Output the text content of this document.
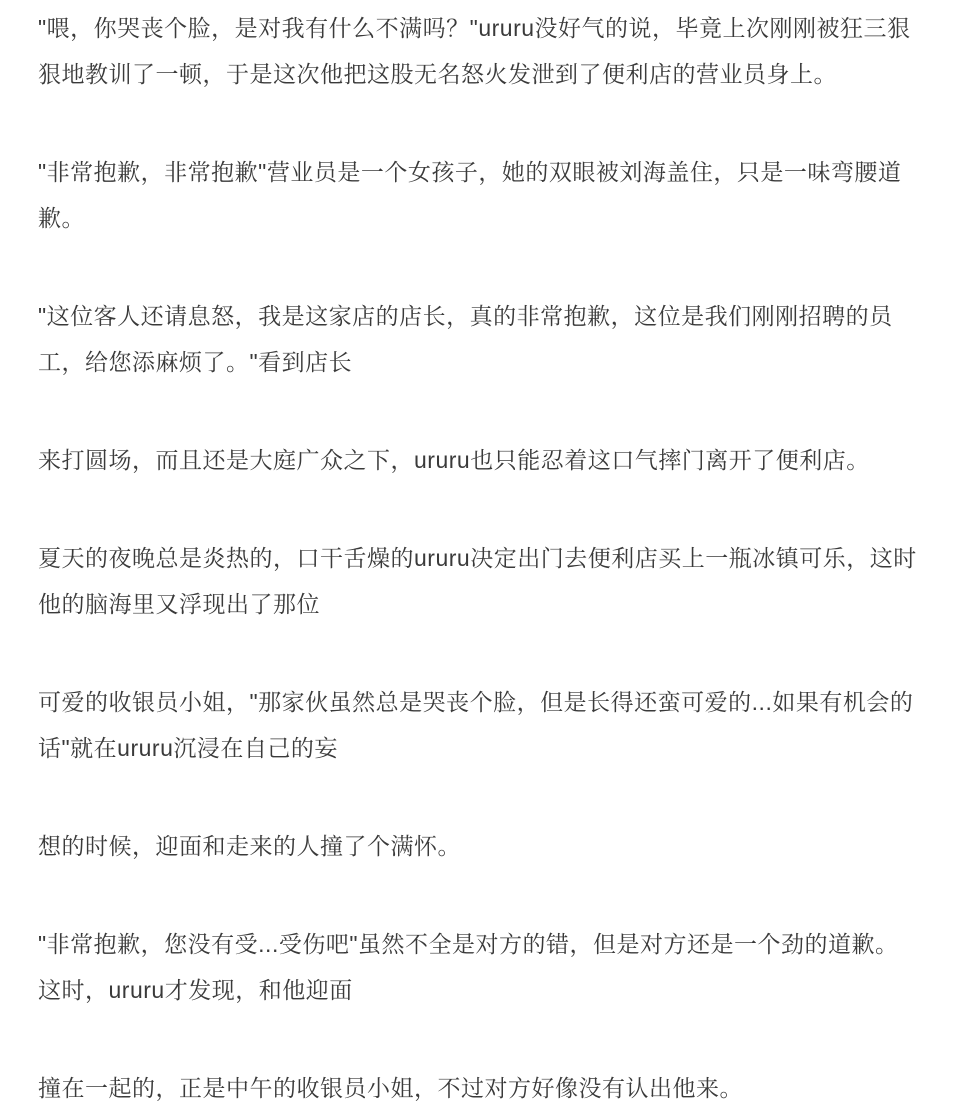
"喂，你哭丧个脸，是对我有什么不满吗？"ururu没好气的说，毕竟上次刚刚被狂三狠狠地教训了一顿，于是这次他把这股无名怒火发泄到了便利店的营业员身上。

"非常抱歉，非常抱歉"营业员是一个女孩子，她的双眼被刘海盖住，只是一味弯腰道歉。

"这位客人还请息怒，我是这家店的店长，真的非常抱歉，这位是我们刚刚招聘的员工，给您添麻烦了。"看到店长

来打圆场，而且还是大庭广众之下，ururu也只能忍着这口气摔门离开了便利店。

夏天的夜晚总是炎热的，口干舌燥的ururu决定出门去便利店买上一瓶冰镇可乐，这时他的脑海里又浮现出了那位

可爱的收银员小姐，"那家伙虽然总是哭丧个脸，但是长得还蛮可爱的...如果有机会的话"就在ururu沉浸在自己的妄

想的时候，迎面和走来的人撞了个满怀。

"非常抱歉，您没有受...受伤吧"虽然不全是对方的错，但是对方还是一个劲的道歉。这时，ururu才发现，和他迎面

撞在一起的，正是中午的收银员小姐，不过对方好像没有认出他来。
